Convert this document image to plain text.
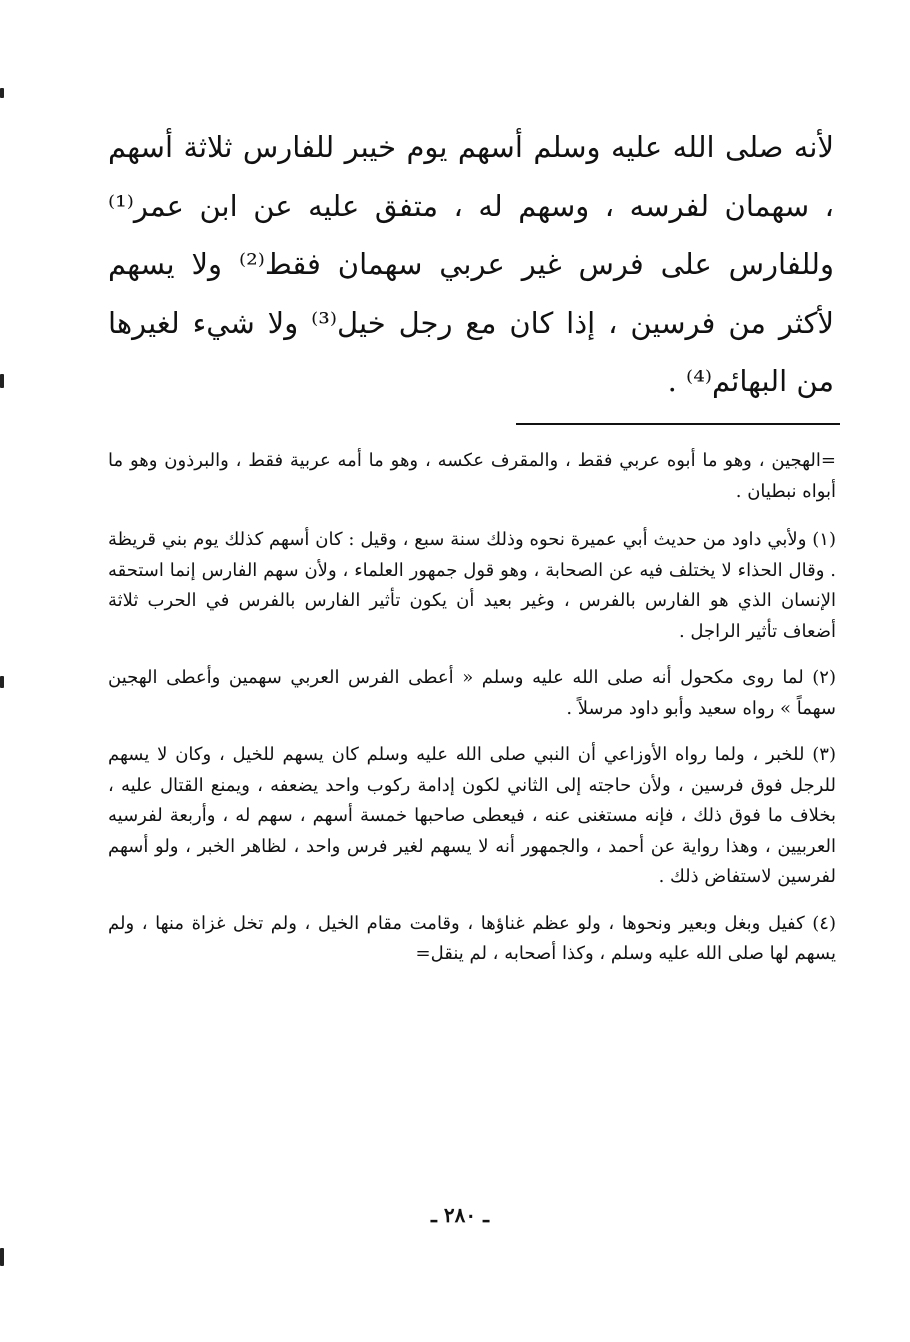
لأنه صلى الله عليه وسلم أسهم يوم خيبر للفارس ثلاثة أسهم ، سهمان لفرسه ، وسهم له ، متفق عليه عن ابن عمر⁽¹⁾ وللفارس على فرس غير عربي سهمان فقط⁽²⁾ ولا يسهم لأكثر من فرسين ، إذا كان مع رجل خيل⁽³⁾ ولا شيء لغيرها من البهائم⁽⁴⁾ .

=الهجين ، وهو ما أبوه عربي فقط ، والمقرف عكسه ، وهو ما أمه عربية فقط ، والبرذون وهو ما أبواه نبطيان .

(١) ولأبي داود من حديث أبي عميرة نحوه وذلك سنة سبع ، وقيل : كان أسهم كذلك يوم بني قريظة . وقال الحذاء لا يختلف فيه عن الصحابة ، وهو قول جمهور العلماء ، ولأن سهم الفارس إنما استحقه الإنسان الذي هو الفارس بالفرس ، وغير بعيد أن يكون تأثير الفارس بالفرس في الحرب ثلاثة أضعاف تأثير الراجل .

(٢) لما روى مكحول أنه صلى الله عليه وسلم « أعطى الفرس العربي سهمين وأعطى الهجين سهماً » رواه سعيد وأبو داود مرسلاً .

(٣) للخبر ، ولما رواه الأوزاعي أن النبي صلى الله عليه وسلم كان يسهم للخيل ، وكان لا يسهم للرجل فوق فرسين ، ولأن حاجته إلى الثاني لكون إدامة ركوب واحد يضعفه ، ويمنع القتال عليه ، بخلاف ما فوق ذلك ، فإنه مستغنى عنه ، فيعطى صاحبها خمسة أسهم ، سهم له ، وأربعة لفرسيه العربيين ، وهذا رواية عن أحمد ، والجمهور أنه لا يسهم لغير فرس واحد ، لظاهر الخبر ، ولو أسهم لفرسين لاستفاض ذلك .

(٤) كفيل وبغل وبعير ونحوها ، ولو عظم غناؤها ، وقامت مقام الخيل ، ولم تخل غزاة منها ، ولم يسهم لها صلى الله عليه وسلم ، وكذا أصحابه ، لم ينقل=

ـ ٢٨٠ ـ
